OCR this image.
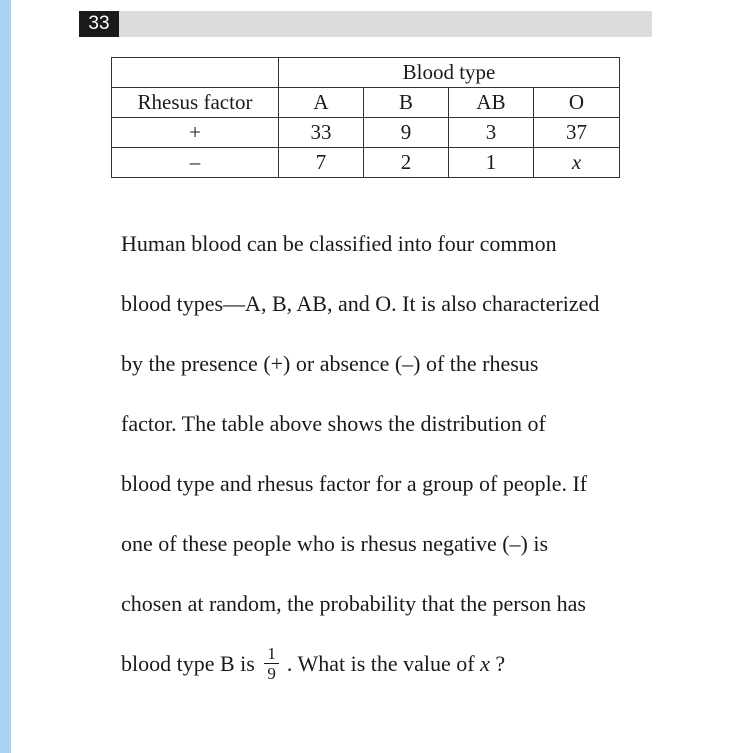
33
	Blood type			
Rhesus factor	A	B	AB	O
+	33	9	3	37
–	7	2	1	x
Human blood can be classified into four common
blood types—A, B, AB, and O. It is also characterized
by the presence (+) or absence (–) of the rhesus
factor. The table above shows the distribution of
blood type and rhesus factor for a group of people. If
one of these people who is rhesus negative (–) is
chosen at random, the probability that the person has
blood type B is $\frac{1}{9}$ . What is the value of x ?
